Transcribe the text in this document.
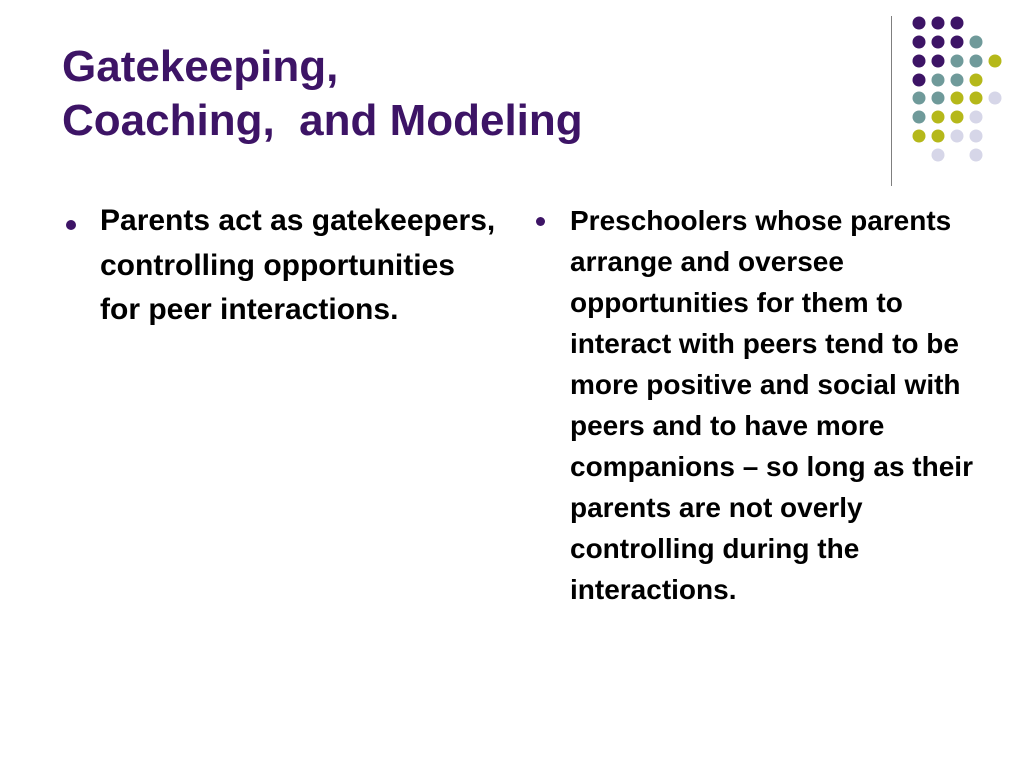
Gatekeeping,
Coaching,  and Modeling
Parents act as gatekeepers, controlling opportunities for peer interactions.
Preschoolers whose parents arrange and oversee opportunities for them to interact with peers tend to be more positive and social with peers and to have more companions – so long as their parents are not overly controlling during the interactions.
